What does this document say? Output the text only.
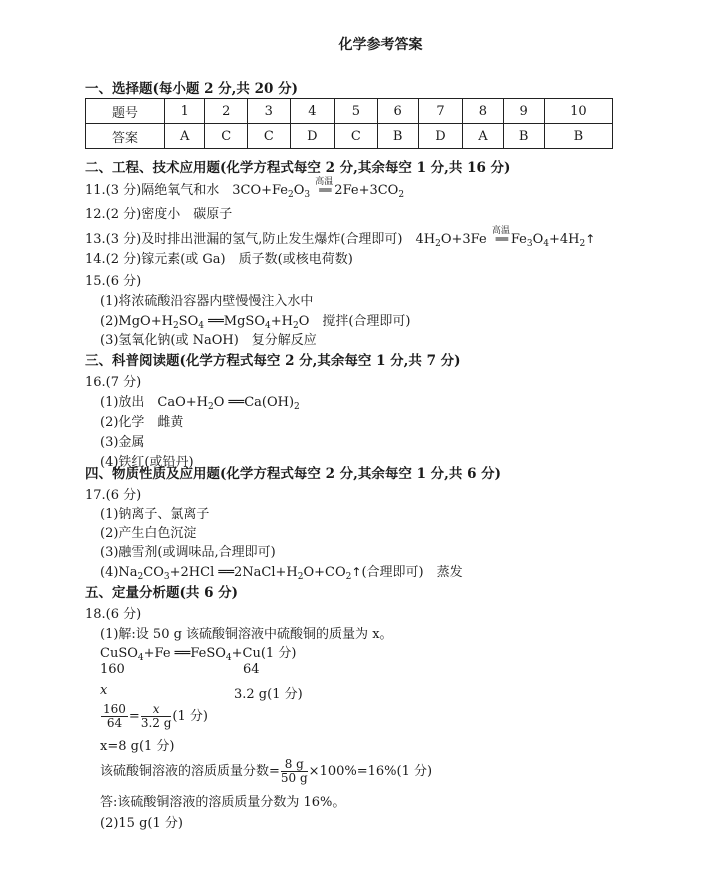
化学参考答案
一、选择题(每小题 2 分,共 20 分)
题号	1	2	3	4	5	6	7	8	9	10
答案	A	C	C	D	C	B	D	A	B	B
二、工程、技术应用题(化学方程式每空 2 分,其余每空 1 分,共 16 分)
11.(3 分)隔绝氧气和水　$3CO+Fe_2O_3$
高温
══ $2Fe+3CO_2$
12.(2 分)密度小　碳原子
13.(3 分)及时排出泄漏的氢气,防止发生爆炸(合理即可)　$4H_2O+3Fe$
高温
══ $Fe_3O_4+4H_2↑$
14.(2 分)镓元素(或 Ga)　质子数(或核电荷数)
15.(6 分)
(1)将浓硫酸沿容器内壁慢慢注入水中
$(2)MgO+H_2SO_4$ $══MgSO_4+H_2O$　搅拌(合理即可)
(3)氢氧化钠(或 NaOH)　复分解反应
三、科普阅读题(化学方程式每空 2 分,其余每空 1 分,共 7 分)
16.(7 分)
(1)放出　$CaO+H_2O$ $══Ca(OH)_2$
(2)化学　雌黄
(3)金属
(4)铁红(或铅丹)
四、物质性质及应用题(化学方程式每空 2 分,其余每空 1 分,共 6 分)
17.(6 分)
(1)钠离子、氯离子
(2)产生白色沉淀
(3)融雪剂(或调味品,合理即可)
$(4)Na_2CO_3+2HCl$ $══2NaCl+H_2O+CO_2↑$(合理即可)　蒸发
五、定量分析题(共 6 分)
18.(6 分)
(1)解:设 50 g 该硫酸铜溶液中硫酸铜的质量为 x。
CuSO$_4$+Fe ══FeSO$_4$+Cu(1 分)
160	64
x	3.2 g(1 分)
$\frac{160}{64} = \frac{x}{3.2 g} (1$ 分)
x=8 g(1 分)
该硫酸铜溶液的溶质质量分数= $\frac{8 g}{50 g} \times 100\%=16\%(1$ 分)
答:该硫酸铜溶液的溶质质量分数为 16%。
(2)15 g(1 分)
